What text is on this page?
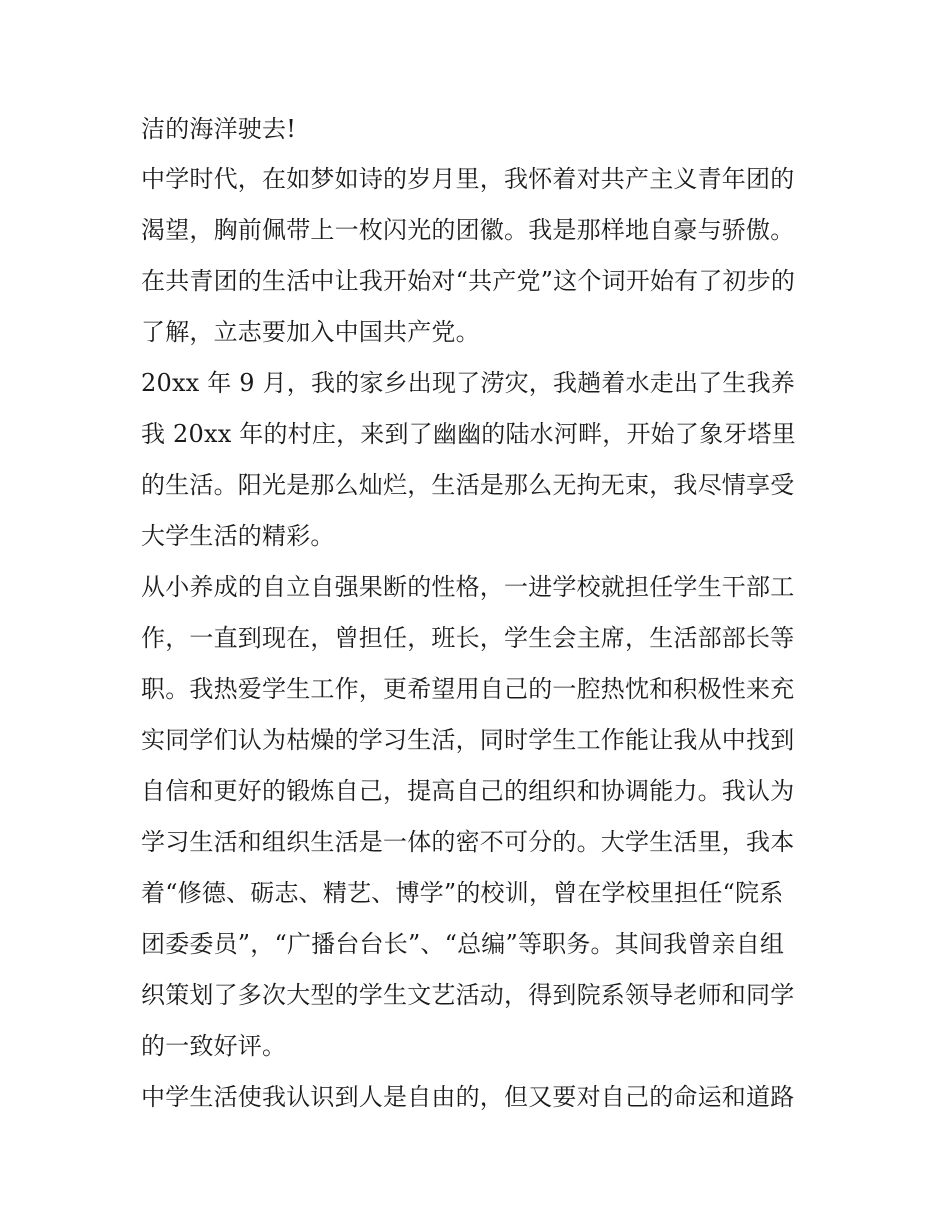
洁的海洋驶去!
中学时代，在如梦如诗的岁月里，我怀着对共产主义青年团的
渴望，胸前佩带上一枚闪光的团徽。我是那样地自豪与骄傲。
在共青团的生活中让我开始对“共产党”这个词开始有了初步的
了解，立志要加入中国共产党。
20xx 年 9 月，我的家乡出现了涝灾，我趟着水走出了生我养
我 20xx 年的村庄，来到了幽幽的陆水河畔，开始了象牙塔里
的生活。阳光是那么灿烂，生活是那么无拘无束，我尽情享受
大学生活的精彩。
从小养成的自立自强果断的性格，一进学校就担任学生干部工
作，一直到现在，曾担任，班长，学生会主席，生活部部长等
职。我热爱学生工作，更希望用自己的一腔热忱和积极性来充
实同学们认为枯燥的学习生活，同时学生工作能让我从中找到
自信和更好的锻炼自己，提高自己的组织和协调能力。我认为
学习生活和组织生活是一体的密不可分的。大学生活里，我本
着“修德、砺志、精艺、博学”的校训，曾在学校里担任“院系
团委委员”，“广播台台长”、“总编”等职务。其间我曾亲自组
织策划了多次大型的学生文艺活动，得到院系领导老师和同学
的一致好评。
中学生活使我认识到人是自由的，但又要对自己的命运和道路
